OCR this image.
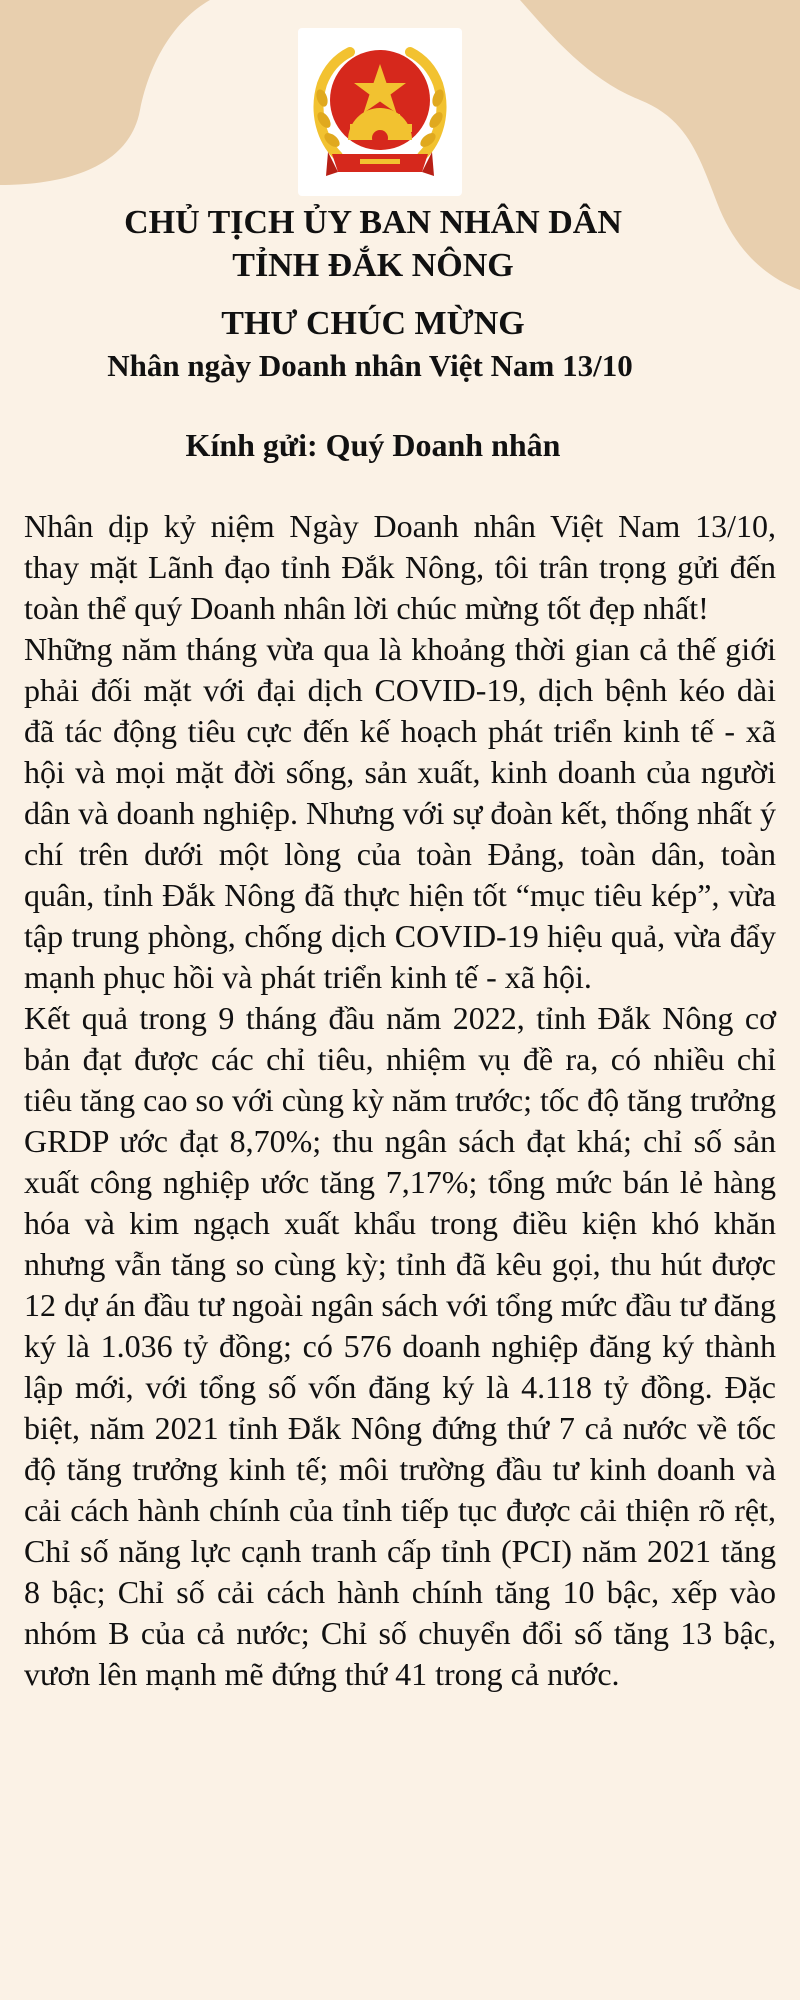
CHỦ TỊCH ỦY BAN NHÂN DÂN
TỈNH ĐẮK NÔNG
THƯ CHÚC MỪNG
Nhân ngày Doanh nhân Việt Nam 13/10
Kính gửi: Quý Doanh nhân

Nhân dịp kỷ niệm Ngày Doanh nhân Việt Nam 13/10, thay mặt Lãnh đạo tỉnh Đắk Nông, tôi trân trọng gửi đến toàn thể quý Doanh nhân lời chúc mừng tốt đẹp nhất!

Những năm tháng vừa qua là khoảng thời gian cả thế giới phải đối mặt với đại dịch COVID-19, dịch bệnh kéo dài đã tác động tiêu cực đến kế hoạch phát triển kinh tế - xã hội và mọi mặt đời sống, sản xuất, kinh doanh của người dân và doanh nghiệp. Nhưng với sự đoàn kết, thống nhất ý chí trên dưới một lòng của toàn Đảng, toàn dân, toàn quân, tỉnh Đắk Nông đã thực hiện tốt “mục tiêu kép”, vừa tập trung phòng, chống dịch COVID-19 hiệu quả, vừa đẩy mạnh phục hồi và phát triển kinh tế - xã hội.

Kết quả trong 9 tháng đầu năm 2022, tỉnh Đắk Nông cơ bản đạt được các chỉ tiêu, nhiệm vụ đề ra, có nhiều chỉ tiêu tăng cao so với cùng kỳ năm trước; tốc độ tăng trưởng GRDP ước đạt 8,70%; thu ngân sách đạt khá; chỉ số sản xuất công nghiệp ước tăng 7,17%; tổng mức bán lẻ hàng hóa và kim ngạch xuất khẩu trong điều kiện khó khăn nhưng vẫn tăng so cùng kỳ; tỉnh đã kêu gọi, thu hút được 12 dự án đầu tư ngoài ngân sách với tổng mức đầu tư đăng ký là 1.036 tỷ đồng; có 576 doanh nghiệp đăng ký thành lập mới, với tổng số vốn đăng ký là 4.118 tỷ đồng. Đặc biệt, năm 2021 tỉnh Đắk Nông đứng thứ 7 cả nước về tốc độ tăng trưởng kinh tế; môi trường đầu tư kinh doanh và cải cách hành chính của tỉnh tiếp tục được cải thiện rõ rệt, Chỉ số năng lực cạnh tranh cấp tỉnh (PCI) năm 2021 tăng 8 bậc; Chỉ số cải cách hành chính tăng 10 bậc, xếp vào nhóm B của cả nước; Chỉ số chuyển đổi số tăng 13 bậc, vươn lên mạnh mẽ đứng thứ 41 trong cả nước.
